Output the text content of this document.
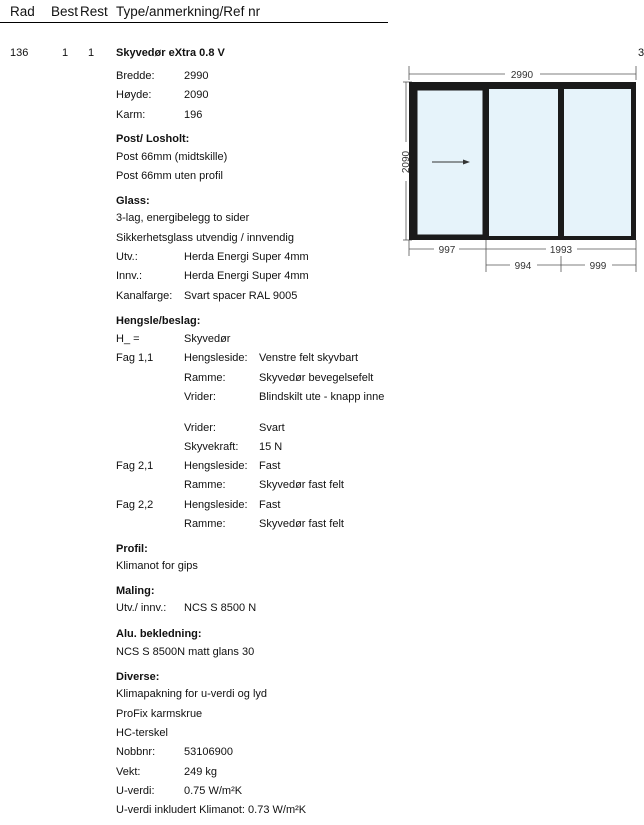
Rad Best Rest Type/anmerkning/Ref nr
136	1 1	3
Skyvedør eXtra 0.8 V
Bredde:	2990
Høyde:	2090
Karm:	196
Post/ Losholt:
Post 66mm (midtskille)
Post 66mm uten profil
Glass:
3-lag, energibelegg to sider
Sikkerhetsglass utvendig / innvendig
Utv.:	Herda Energi Super 4mm
Innv.:	Herda Energi Super 4mm
Kanalfarge: Svart spacer RAL 9005
Hengsle/beslag:
H_ =	Skyvedør
Fag 1,1	Hengsleside: Venstre felt skyvbart
Ramme:	Skyvedør bevegelsefelt
Vrider:	Blindskilt ute - knapp inne
Vrider:	Svart
Skyvekraft: 15 N
Fag 2,1	Hengsleside: Fast
Ramme:	Skyvedør fast felt
Fag 2,2	Hengsleside: Fast
Ramme:	Skyvedør fast felt
Profil:
Klimanot for gips
Maling:
Utv./ innv.: NCS S 8500 N
Alu. bekledning:
NCS S 8500N matt glans 30
Diverse:
Klimapakning for u-verdi og lyd
ProFix karmskrue
HC-terskel
Nobbnr:	53106900
Vekt:	249 kg
U-verdi:	0.75 W/m²K
U-verdi inkludert Klimanot: 0.73 W/m²K
2990
2090
997	1993
994	999
